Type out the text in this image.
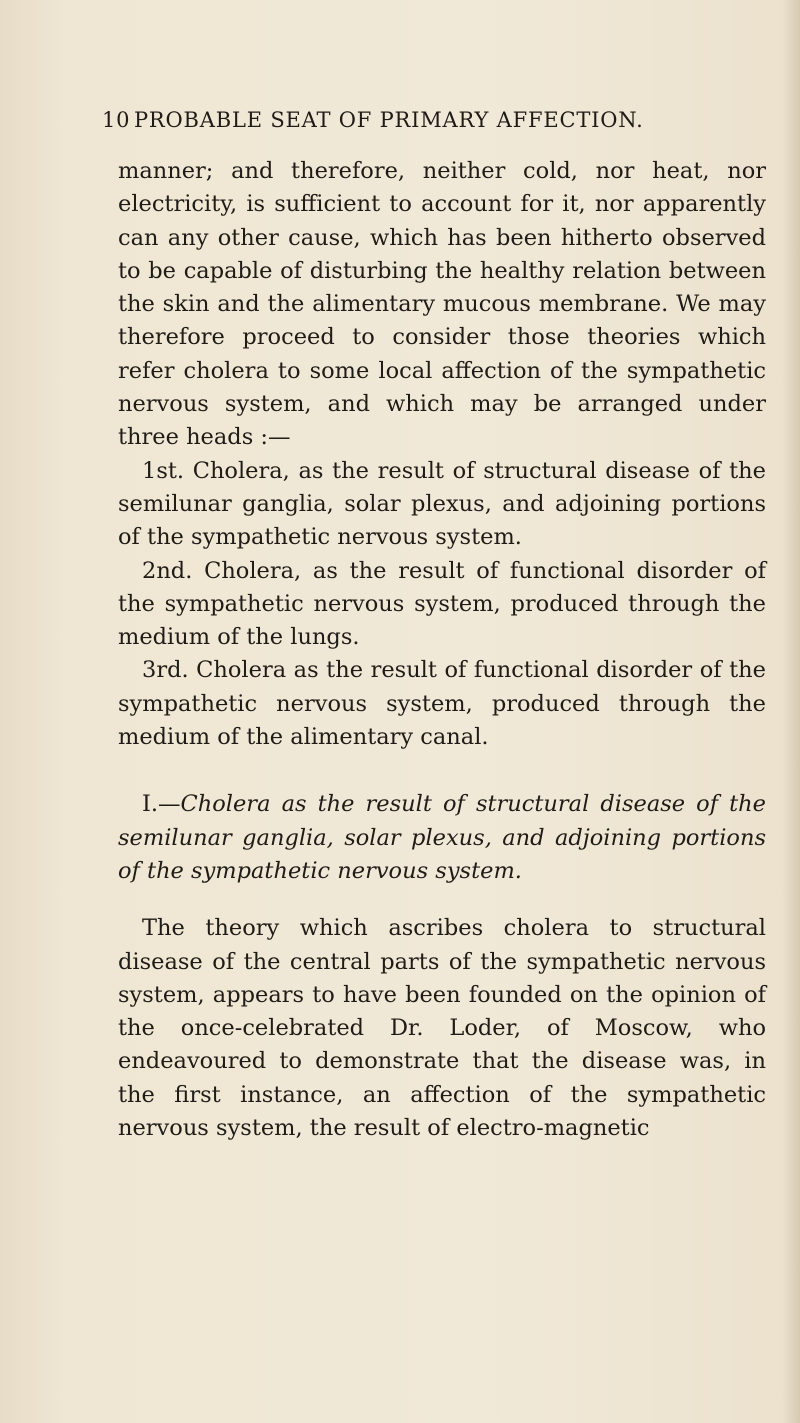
10 PROBABLE SEAT OF PRIMARY AFFECTION.

manner; and therefore, neither cold, nor heat, nor electricity, is sufficient to account for it, nor apparently can any other cause, which has been hitherto observed to be capable of disturbing the healthy relation between the skin and the alimentary mucous membrane. We may therefore proceed to consider those theories which refer cholera to some local affection of the sympathetic nervous system, and which may be arranged under three heads :—

1st. Cholera, as the result of structural disease of the semilunar ganglia, solar plexus, and adjoining portions of the sympathetic nervous system.

2nd. Cholera, as the result of functional disorder of the sympathetic nervous system, produced through the medium of the lungs.

3rd. Cholera as the result of functional disorder of the sympathetic nervous system, produced through the medium of the alimentary canal.

I.—Cholera as the result of structural disease of the semilunar ganglia, solar plexus, and adjoining portions of the sympathetic nervous system.

The theory which ascribes cholera to structural disease of the central parts of the sympathetic nervous system, appears to have been founded on the opinion of the once-celebrated Dr. Loder, of Moscow, who endeavoured to demonstrate that the disease was, in the first instance, an affection of the sympathetic nervous system, the result of electro-magnetic
